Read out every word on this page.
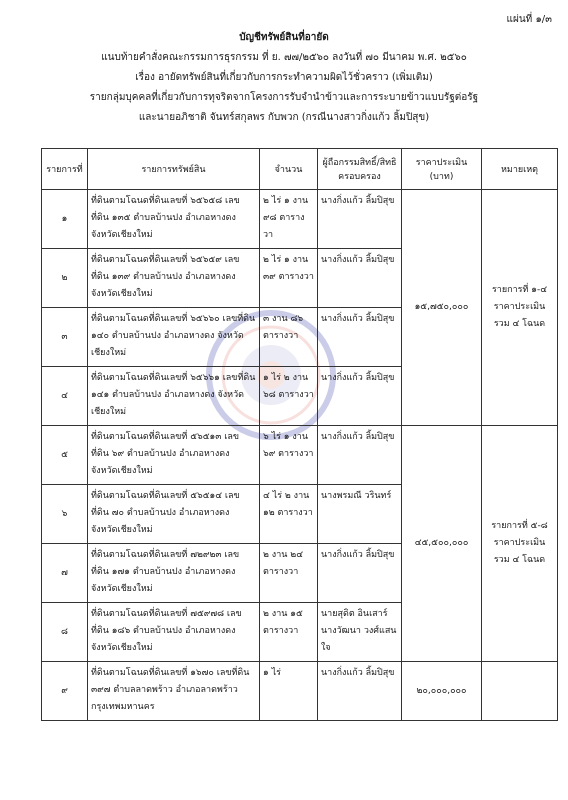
แผ่นที่ ๑/๓
บัญชีทรัพย์สินที่อายัด
แนบท้ายคำสั่งคณะกรรมการธุรกรรม ที่ ย. ๗๗/๒๕๖๐ ลงวันที่ ๗๐ มีนาคม พ.ศ. ๒๕๖๐
เรื่อง อายัดทรัพย์สินที่เกี่ยวกับการกระทำความผิดไว้ชั่วคราว (เพิ่มเติม)
รายกลุ่มบุคคลที่เกี่ยวกับการทุจริตจากโครงการรับจำนำข้าวและการระบายข้าวแบบรัฐต่อรัฐ
และนายอภิชาติ จันทร์สกุลพร กับพวก (กรณีนางสาวกิ่งแก้ว ลิ้มปิสุข)
รายการที่	รายการทรัพย์สิน	จำนวน	ผู้ถือกรรมสิทธิ์/สิทธิครอบครอง	ราคาประเมิน (บาท)	หมายเหตุ
๑	ที่ดินตามโฉนดที่ดินเลขที่ ๖๕๖๕๘ เลขที่ดิน ๑๓๕ ตำบลบ้านปง อำเภอหางดง จังหวัดเชียงใหม่	๒ ไร่ ๑ งาน ๙๘ ตารางวา	นางกิ่งแก้ว ลิ้มปิสุข	๑๕,๗๕๐,๐๐๐	รายการที่ ๑-๔ ราคาประเมิน รวม ๔ โฉนด

๒	ที่ดินตามโฉนดที่ดินเลขที่ ๖๕๖๕๙ เลขที่ดิน ๑๓๙ ตำบลบ้านปง อำเภอหางดง จังหวัดเชียงใหม่	๒ ไร่ ๑ งาน ๓๙ ตารางวา	นางกิ่งแก้ว ลิ้มปิสุข		
๓	ที่ดินตามโฉนดที่ดินเลขที่ ๖๕๖๖๐ เลขที่ดิน ๑๔๐ ตำบลบ้านปง อำเภอหางดง จังหวัดเชียงใหม่	๓ งาน ๘๖ ตารางวา	นางกิ่งแก้ว ลิ้มปิสุข		
๔	ที่ดินตามโฉนดที่ดินเลขที่ ๖๕๖๖๑ เลขที่ดิน ๑๔๑ ตำบลบ้านปง อำเภอหางดง จังหวัดเชียงใหม่	๑ ไร่ ๒ งาน ๖๘ ตารางวา	นางกิ่งแก้ว ลิ้มปิสุข		
๕	ที่ดินตามโฉนดที่ดินเลขที่ ๕๖๕๑๓ เลขที่ดิน ๖๙ ตำบลบ้านปง อำเภอหางดง จังหวัดเชียงใหม่	๖ ไร่ ๑ งาน ๖๙ ตารางวา	นางกิ่งแก้ว ลิ้มปิสุข	๔๕,๕๐๐,๐๐๐	รายการที่ ๕-๘ ราคาประเมิน รวม ๔ โฉนด

๖	ที่ดินตามโฉนดที่ดินเลขที่ ๕๖๕๑๔ เลขที่ดิน ๗๐ ตำบลบ้านปง อำเภอหางดง จังหวัดเชียงใหม่	๔ ไร่ ๒ งาน ๑๒ ตารางวา	นางพรมณี วรินทร์		
๗	ที่ดินตามโฉนดที่ดินเลขที่ ๗๒๙๒๓ เลขที่ดิน ๑๗๑ ตำบลบ้านปง อำเภอหางดง จังหวัดเชียงใหม่	๒ งาน ๒๔ ตารางวา	นางกิ่งแก้ว ลิ้มปิสุข		
๘	ที่ดินตามโฉนดที่ดินเลขที่ ๗๕๙๗๘ เลขที่ดิน ๑๘๖ ตำบลบ้านปง อำเภอหางดง จังหวัดเชียงใหม่	๒ งาน ๑๕ ตารางวา	นายสุดิต อินเสาร์ นางวัฒนา วงศ์แสนใจ		
๙	ที่ดินตามโฉนดที่ดินเลขที่ ๑๖๗๐ เลขที่ดิน ๓๙๗ ตำบลลาดพร้าว อำเภอลาดพร้าว กรุงเทพมหานคร	๑ ไร่	นางกิ่งแก้ว ลิ้มปิสุข	๒๐,๐๐๐,๐๐๐	
